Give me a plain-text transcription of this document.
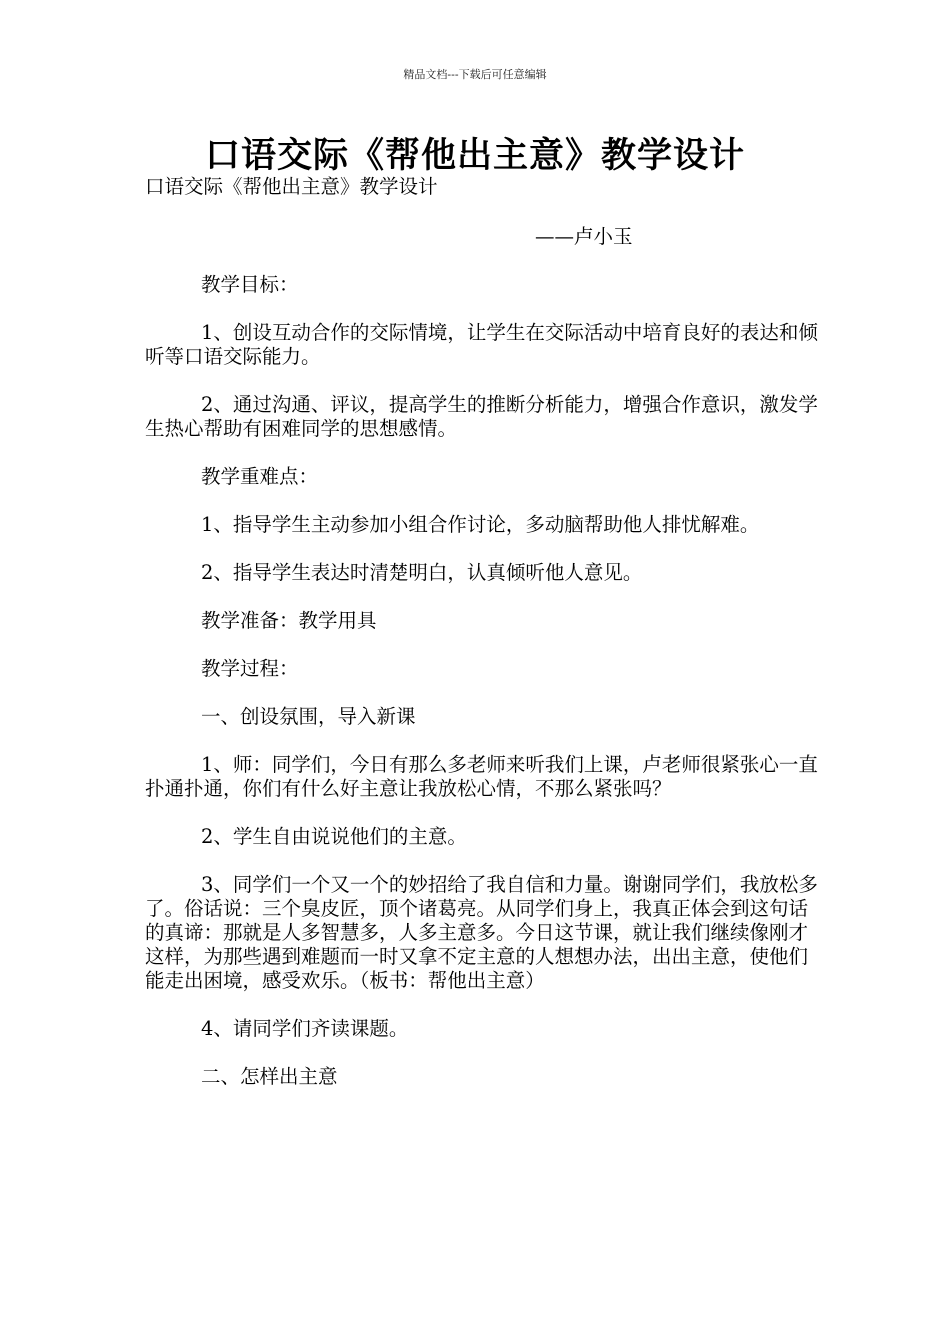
精品文档---下载后可任意编辑
口语交际《帮他出主意》教学设计

口语交际《帮他出主意》教学设计

——卢小玉

教学目标：

1、创设互动合作的交际情境，让学生在交际活动中培育良好的表达和倾听等口语交际能力。

2、通过沟通、评议，提高学生的推断分析能力，增强合作意识，激发学生热心帮助有困难同学的思想感情。

教学重难点：

1、指导学生主动参加小组合作讨论，多动脑帮助他人排忧解难。

2、指导学生表达时清楚明白，认真倾听他人意见。

教学准备：教学用具

教学过程：

一、创设氛围，导入新课

1、师：同学们，今日有那么多老师来听我们上课，卢老师很紧张心一直扑通扑通，你们有什么好主意让我放松心情，不那么紧张吗？

2、学生自由说说他们的主意。

3、同学们一个又一个的妙招给了我自信和力量。谢谢同学们，我放松多了。俗话说：三个臭皮匠，顶个诸葛亮。从同学们身上，我真正体会到这句话的真谛：那就是人多智慧多，人多主意多。今日这节课，就让我们继续像刚才这样，为那些遇到难题而一时又拿不定主意的人想想办法，出出主意，使他们能走出困境，感受欢乐。（板书：帮他出主意）

4、请同学们齐读课题。

二、怎样出主意
